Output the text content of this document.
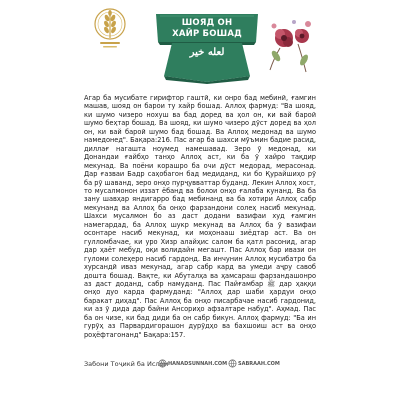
ШОЯД ОН
ХАЙР БОШАД
لعله خير

Агар ба мусибате гирифтор гаштӣ, ки онро бад мебинӣ, ғамгин машав, шояд он барои ту хайр бошад. Аллоҳ фармуд: "Ва шояд, ки шумо чизеро нохуш ва бад доред ва ҳол он, ки вай бароӣ шумо беҳтар бошад. Ва шояд, ки шумо чизеро дӯст доред ва ҳол он, ки вай бароӣ шумо бад бошад. Ва Аллоҳ медонад ва шумо намедонед". Бақара:216. Пас агар ба шахси мӯъмин бадие расид, диллағ нагашта ноумед намешавад. Зеро ӯ медонад, ки Донандаи ғайбҳо танҳо Аллоҳ аст, ки ба ӯ хайро тақдир мекунад. Ва поёни корашро ба очи дӯст медорад, мерасонад. Дар ғазваи Бадр саҳобагон бад медиданд, ки бо Қурайшиҳо рӯ ба рӯ шаванд, зеро онҳо пурҷувваттар буданд. Лекин Аллоҳ хост, то мусалмонон иззат ёбанд ва болои онҳо ғалаба кунанд. Ва ба занy шавҳар яндигарро бад мебинанд ва ба хотири Аллоҳ сабр мекунанд ва Аллоҳ ба онҳо фарзандони солеҳ насиб мекунад. Шахси мусалмон бо аз даст додани вазифаи худ ғамгин намегардад, ба Аллоҳ шукр мекунад ва Аллоҳ ба ӯ вазифаи осонтаре насиб мекунад, ки моҳонааш зиёдтар аст. Ва он гулломбачае, ки уро Хизр алайҳис салом ба қатл расонид, агар дар ҳаёт мебуд, оқи волидайн мегашт. Пас Аллоҳ бар ивази он гуломи солеҳеро насиб гардонд. Ва инчунин Аллоҳ мусибатро ба хурсандӣ иваз мекунад, агар сабр кард ва умеди аҷру савоб дошта бошад. Вақте, ки Абуталҳа ва ҳамсараш фарзандашонро аз даст доданд, сабр намуданд. Пас Пайғамбар ﷺ дар ҳаққи онҳо дуо карда фармуданд: "Аллоҳ дар шаби ҳардуи онҳо баракат диҳад". Пас Аллоҳ ба онҳо писарбачае насиб гардонид, ки аз ӯ дида дар байни Ансориҳо афзалтаре набуд". Аҳмад. Пас ба он чизе, ки бад диди ба он сабр бикун. Аллоҳ фармуд: "Ба ин гурӯҳ аз Парвардигорашон дурӯдҳо ва бахшоиш аст ва онҳо роҳёфтагонанд" Бақара:157.

Забони Тоҷикӣ ба Ислом HANADSUNNAH.COM SABRAAH.COM
